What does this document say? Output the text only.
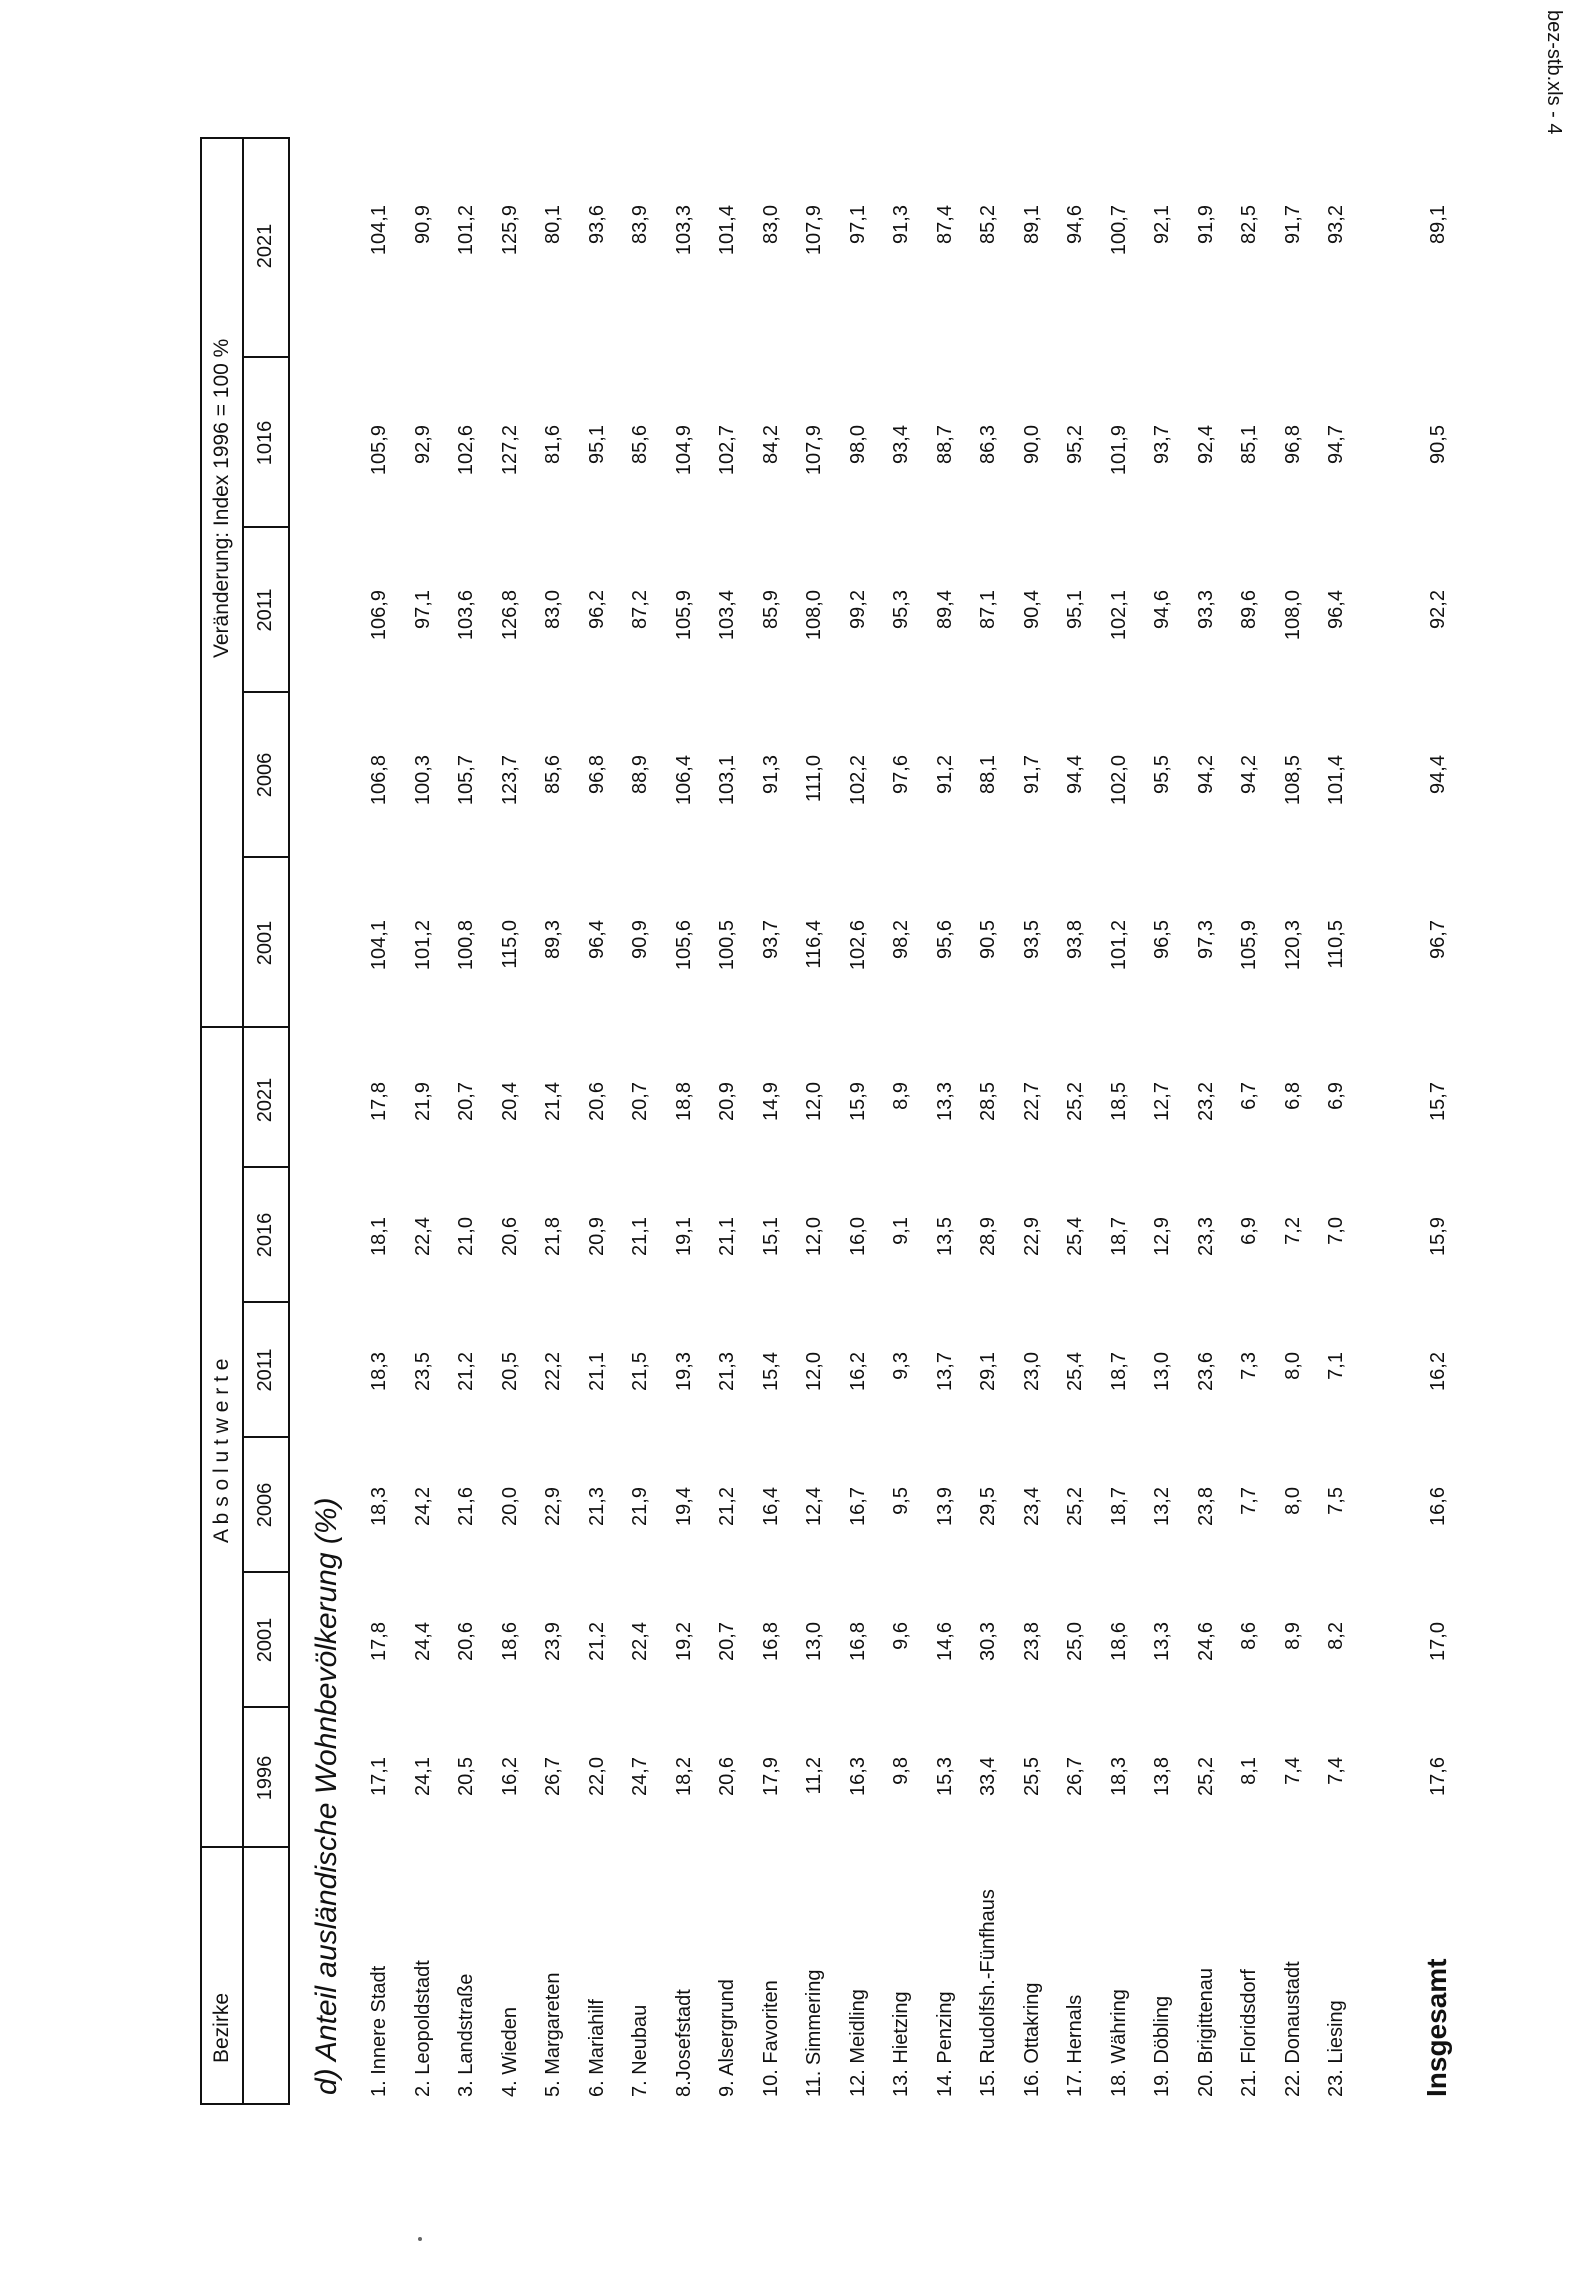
bez-stb.xls - 4
Bezirke
A b s o l u t w e r t e
Veränderung: Index 1996 = 100 %
1996
2001
2006
2011
2016
2021
2001
2006
2011
1016
2021
d) Anteil ausländische Wohnbevölkerung (%) 1. Innere Stadt
17,1
17,8
18,3
18,3
18,1
17,8
104,1
106,8
106,9
105,9
104,1
2. Leopoldstadt
24,1
24,4
24,2
23,5
22,4
21,9
101,2
100,3
97,1
92,9
90,9
3. Landstraße
20,5
20,6
21,6
21,2
21,0
20,7
100,8
105,7
103,6
102,6
101,2
4. Wieden
16,2
18,6
20,0
20,5
20,6
20,4
115,0
123,7
126,8
127,2
125,9
5. Margareten
26,7
23,9
22,9
22,2
21,8
21,4
89,3
85,6
83,0
81,6
80,1
6. Mariahilf
22,0
21,2
21,3
21,1
20,9
20,6
96,4
96,8
96,2
95,1
93,6
7. Neubau
24,7
22,4
21,9
21,5
21,1
20,7
90,9
88,9
87,2
85,6
83,9
8.Josefstadt
18,2
19,2
19,4
19,3
19,1
18,8
105,6
106,4
105,9
104,9
103,3
9. Alsergrund
20,6
20,7
21,2
21,3
21,1
20,9
100,5
103,1
103,4
102,7
101,4
10. Favoriten
17,9
16,8
16,4
15,4
15,1
14,9
93,7
91,3
85,9
84,2
83,0
11. Simmering
11,2
13,0
12,4
12,0
12,0
12,0
116,4
111,0
108,0
107,9
107,9
12. Meidling
16,3
16,8
16,7
16,2
16,0
15,9
102,6
102,2
99,2
98,0
97,1
13. Hietzing
9,8
9,6
9,5
9,3
9,1
8,9
98,2
97,6
95,3
93,4
91,3
14. Penzing
15,3
14,6
13,9
13,7
13,5
13,3
95,6
91,2
89,4
88,7
87,4
15. Rudolfsh.-Fünfhaus
33,4
30,3
29,5
29,1
28,9
28,5
90,5
88,1
87,1
86,3
85,2
16. Ottakring
25,5
23,8
23,4
23,0
22,9
22,7
93,5
91,7
90,4
90,0
89,1
17. Hernals
26,7
25,0
25,2
25,4
25,4
25,2
93,8
94,4
95,1
95,2
94,6
18. Währing
18,3
18,6
18,7
18,7
18,7
18,5
101,2
102,0
102,1
101,9
100,7
19. Döbling
13,8
13,3
13,2
13,0
12,9
12,7
96,5
95,5
94,6
93,7
92,1
20. Brigittenau
25,2
24,6
23,8
23,6
23,3
23,2
97,3
94,2
93,3
92,4
91,9
21. Floridsdorf
8,1
8,6
7,7
7,3
6,9
6,7
105,9
94,2
89,6
85,1
82,5
22. Donaustadt
7,4
8,9
8,0
8,0
7,2
6,8
120,3
108,5
108,0
96,8
91,7
23. Liesing
7,4
8,2
7,5
7,1
7,0
6,9
110,5
101,4
96,4
94,7
93,2
Insgesamt
17,6
17,0
16,6
16,2
15,9
15,7
96,7
94,4
92,2
90,5
89,1
